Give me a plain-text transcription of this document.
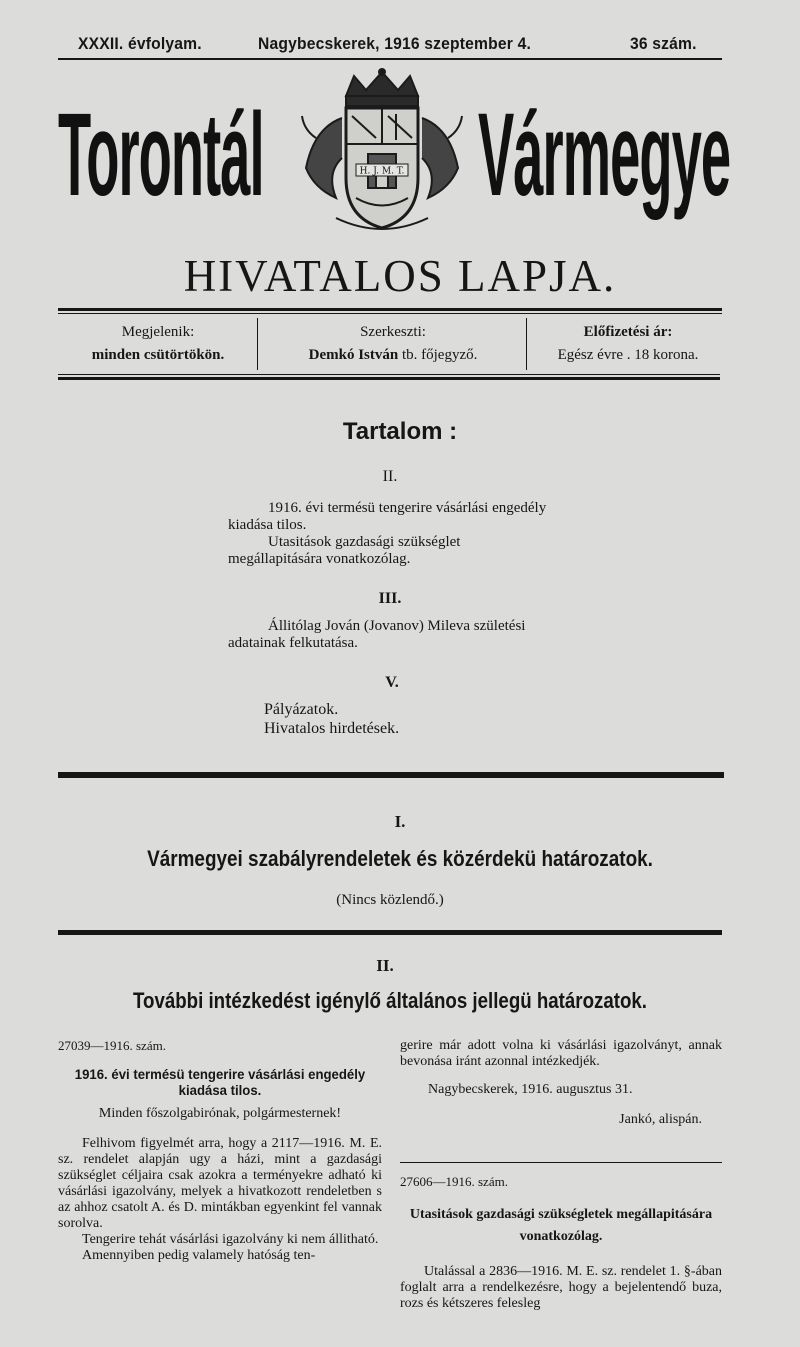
XXXII. évfolyam.	Nagybecskerek, 1916 szeptember 4.	36 szám.
Torontál Vármegye
H. J. M. T.
HIVATALOS LAPJA.
Megjelenik:
minden csütörtökön.
Szerkeszti:
Demkó István tb. főjegyző.
Előfizetési ár:
Egész évre . 18 korona.
Tartalom :
II.
1916. évi termésü tengerire vásárlási engedély kiadása tilos.
Utasitások gazdasági szükséglet megállapitására vonatkozólag.
III.
Állitólag Jován (Jovanov) Mileva születési adatainak felkutatása.
V.
Pályázatok.
Hivatalos hirdetések.
I.
Vármegyei szabályrendeletek és közérdekü határozatok.
(Nincs közlendő.)
II.
További intézkedést igénylő általános jellegü határozatok.

27039—1916. szám.

1916. évi termésü tengerire vásárlási engedély kiadása tilos.

Minden főszolgabirónak, polgármesternek!

Felhivom figyelmét arra, hogy a 2117—1916. M. E. sz. rendelet alapján ugy a házi, mint a gazdasági szükséglet céljaira csak azokra a terményekre adható ki vásárlási igazolvány, melyek a hivatkozott rendeletben s az ahhoz csatolt A. és D. mintákban egyenkint fel vannak sorolva.

Tengerire tehát vásárlási igazolvány ki nem állitható.

Amennyiben pedig valamely hatóság ten-

gerire már adott volna ki vásárlási igazolványt, annak bevonása iránt azonnal intézkedjék.

Nagybecskerek, 1916. augusztus 31.

Jankó, alispán.

27606—1916. szám.

Utasitások gazdasági szükségletek megállapitására vonatkozólag.

Utalással a 2836—1916. M. E. sz. rendelet 1. §-ában foglalt arra a rendelkezésre, hogy a bejelentendő buza, rozs és kétszeres felesleg
